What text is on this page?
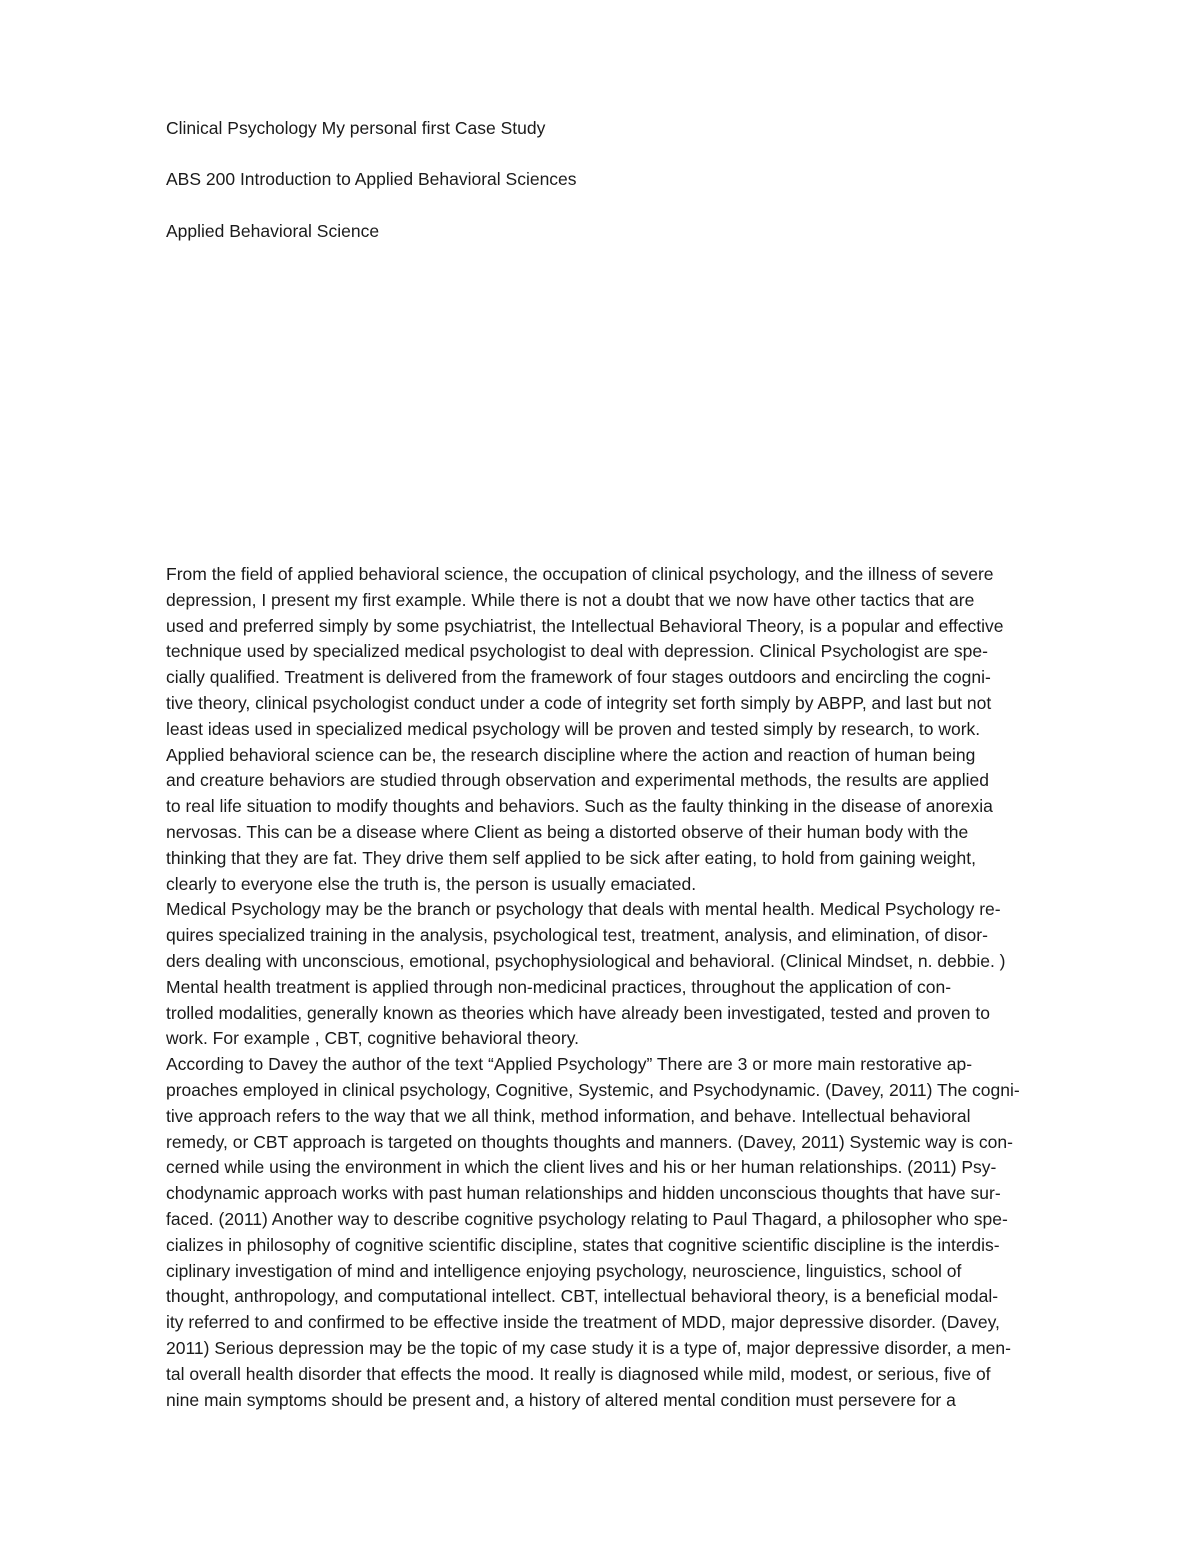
Clinical Psychology My personal first Case Study
ABS 200 Introduction to Applied Behavioral Sciences
Applied Behavioral Science
From the field of applied behavioral science, the occupation of clinical psychology, and the illness of severe
depression, I present my first example. While there is not a doubt that we now have other tactics that are
used and preferred simply by some psychiatrist, the Intellectual Behavioral Theory, is a popular and effective
technique used by specialized medical psychologist to deal with depression. Clinical Psychologist are spe-
cially qualified. Treatment is delivered from the framework of four stages outdoors and encircling the cogni-
tive theory, clinical psychologist conduct under a code of integrity set forth simply by ABPP, and last but not
least ideas used in specialized medical psychology will be proven and tested simply by research, to work.
Applied behavioral science can be, the research discipline where the action and reaction of human being
and creature behaviors are studied through observation and experimental methods, the results are applied
to real life situation to modify thoughts and behaviors. Such as the faulty thinking in the disease of anorexia
nervosas. This can be a disease where Client as being a distorted observe of their human body with the
thinking that they are fat. They drive them self applied to be sick after eating, to hold from gaining weight,
clearly to everyone else the truth is, the person is usually emaciated.
Medical Psychology may be the branch or psychology that deals with mental health. Medical Psychology re-
quires specialized training in the analysis, psychological test, treatment, analysis, and elimination, of disor-
ders dealing with unconscious, emotional, psychophysiological and behavioral. (Clinical Mindset, n. debbie. )
Mental health treatment is applied through non-medicinal practices, throughout the application of con-
trolled modalities, generally known as theories which have already been investigated, tested and proven to
work. For example , CBT, cognitive behavioral theory.
According to Davey the author of the text “Applied Psychology” There are 3 or more main restorative ap-
proaches employed in clinical psychology, Cognitive, Systemic, and Psychodynamic. (Davey, 2011) The cogni-
tive approach refers to the way that we all think, method information, and behave. Intellectual behavioral
remedy, or CBT approach is targeted on thoughts thoughts and manners. (Davey, 2011) Systemic way is con-
cerned while using the environment in which the client lives and his or her human relationships. (2011) Psy-
chodynamic approach works with past human relationships and hidden unconscious thoughts that have sur-
faced. (2011) Another way to describe cognitive psychology relating to Paul Thagard, a philosopher who spe-
cializes in philosophy of cognitive scientific discipline, states that cognitive scientific discipline is the interdis-
ciplinary investigation of mind and intelligence enjoying psychology, neuroscience, linguistics, school of
thought, anthropology, and computational intellect. CBT, intellectual behavioral theory, is a beneficial modal-
ity referred to and confirmed to be effective inside the treatment of MDD, major depressive disorder. (Davey,
2011) Serious depression may be the topic of my case study it is a type of, major depressive disorder, a men-
tal overall health disorder that effects the mood. It really is diagnosed while mild, modest, or serious, five of
nine main symptoms should be present and, a history of altered mental condition must persevere for a
